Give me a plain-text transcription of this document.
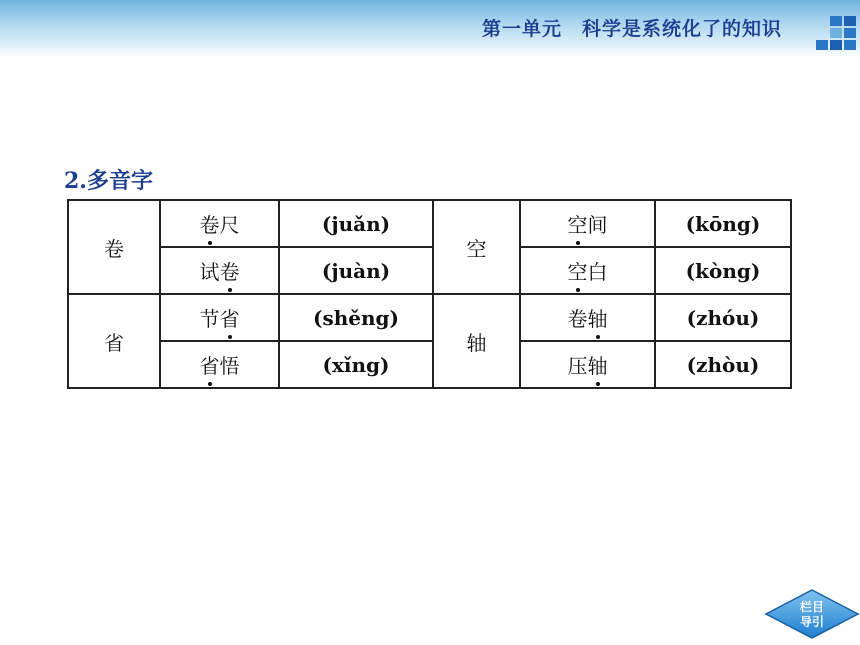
第一单元　科学是系统化了的知识
2.多音字
卷	卷尺	(juǎn)	空	空间	(kōng)
	试卷	(juàn)		空白	(kòng)
省	节省	(shěng)	轴	卷轴	(zhóu)
	省悟	(xǐng)		压轴	(zhòu)
栏目
导引
